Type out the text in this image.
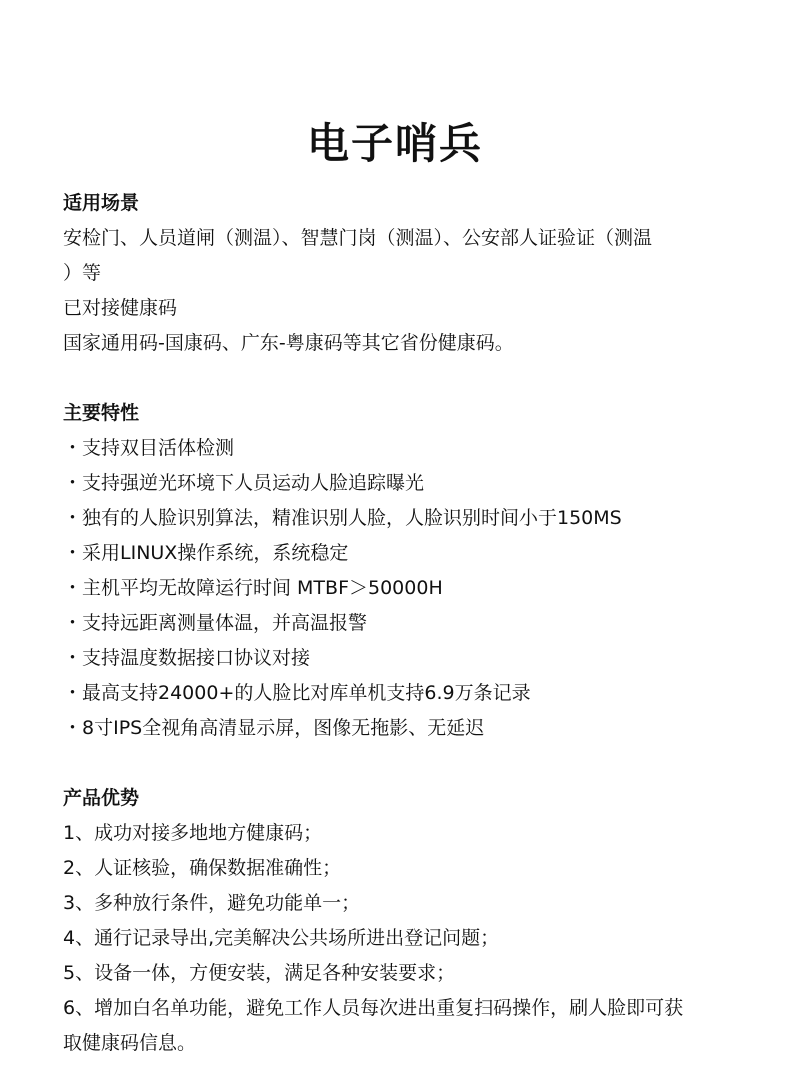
电子哨兵

适用场景

安检门、人员道闸（测温）、智慧门岗（测温）、公安部人证验证（测温

）等

已对接健康码

国家通用码-国康码、广东-粤康码等其它省份健康码。

主要特性

・支持双目活体检测

・支持强逆光环境下人员运动人脸追踪曝光

・独有的人脸识别算法，精准识别人脸，人脸识别时间小于150MS

・采用LINUX操作系统，系统稳定

・主机平均无故障运行时间 MTBF＞50000H

・支持远距离测量体温，并高温报警

・支持温度数据接口协议对接

・最高支持24000+的人脸比对库单机支持6.9万条记录

・8寸IPS全视角高清显示屏，图像无拖影、无延迟

产品优势

1、成功对接多地地方健康码；

2、人证核验，确保数据准确性；

3、多种放行条件，避免功能单一；

4、通行记录导出,完美解决公共场所进出登记问题；

5、设备一体，方便安装，满足各种安装要求；

6、增加白名单功能，避免工作人员每次进出重复扫码操作，刷人脸即可获

取健康码信息。
